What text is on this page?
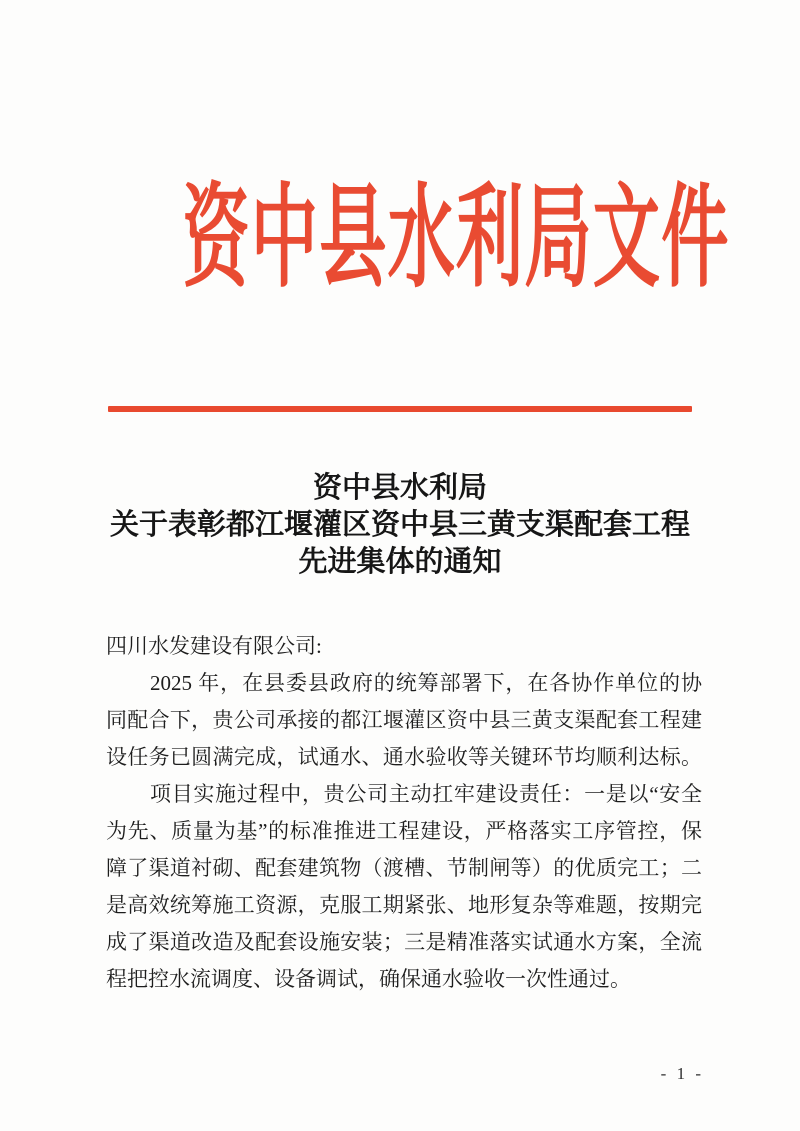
资中县水利局文件
资中县水利局
关于表彰都江堰灌区资中县三黄支渠配套工程
先进集体的通知
四川水发建设有限公司:
2025 年，在县委县政府的统筹部署下，在各协作单位的协
同配合下，贵公司承接的都江堰灌区资中县三黄支渠配套工程建
设任务已圆满完成，试通水、通水验收等关键环节均顺利达标。
项目实施过程中，贵公司主动扛牢建设责任：一是以“安全
为先、质量为基”的标准推进工程建设，严格落实工序管控，保
障了渠道衬砌、配套建筑物（渡槽、节制闸等）的优质完工；二
是高效统筹施工资源，克服工期紧张、地形复杂等难题，按期完
成了渠道改造及配套设施安装；三是精准落实试通水方案，全流
程把控水流调度、设备调试，确保通水验收一次性通过。
- 1 -
